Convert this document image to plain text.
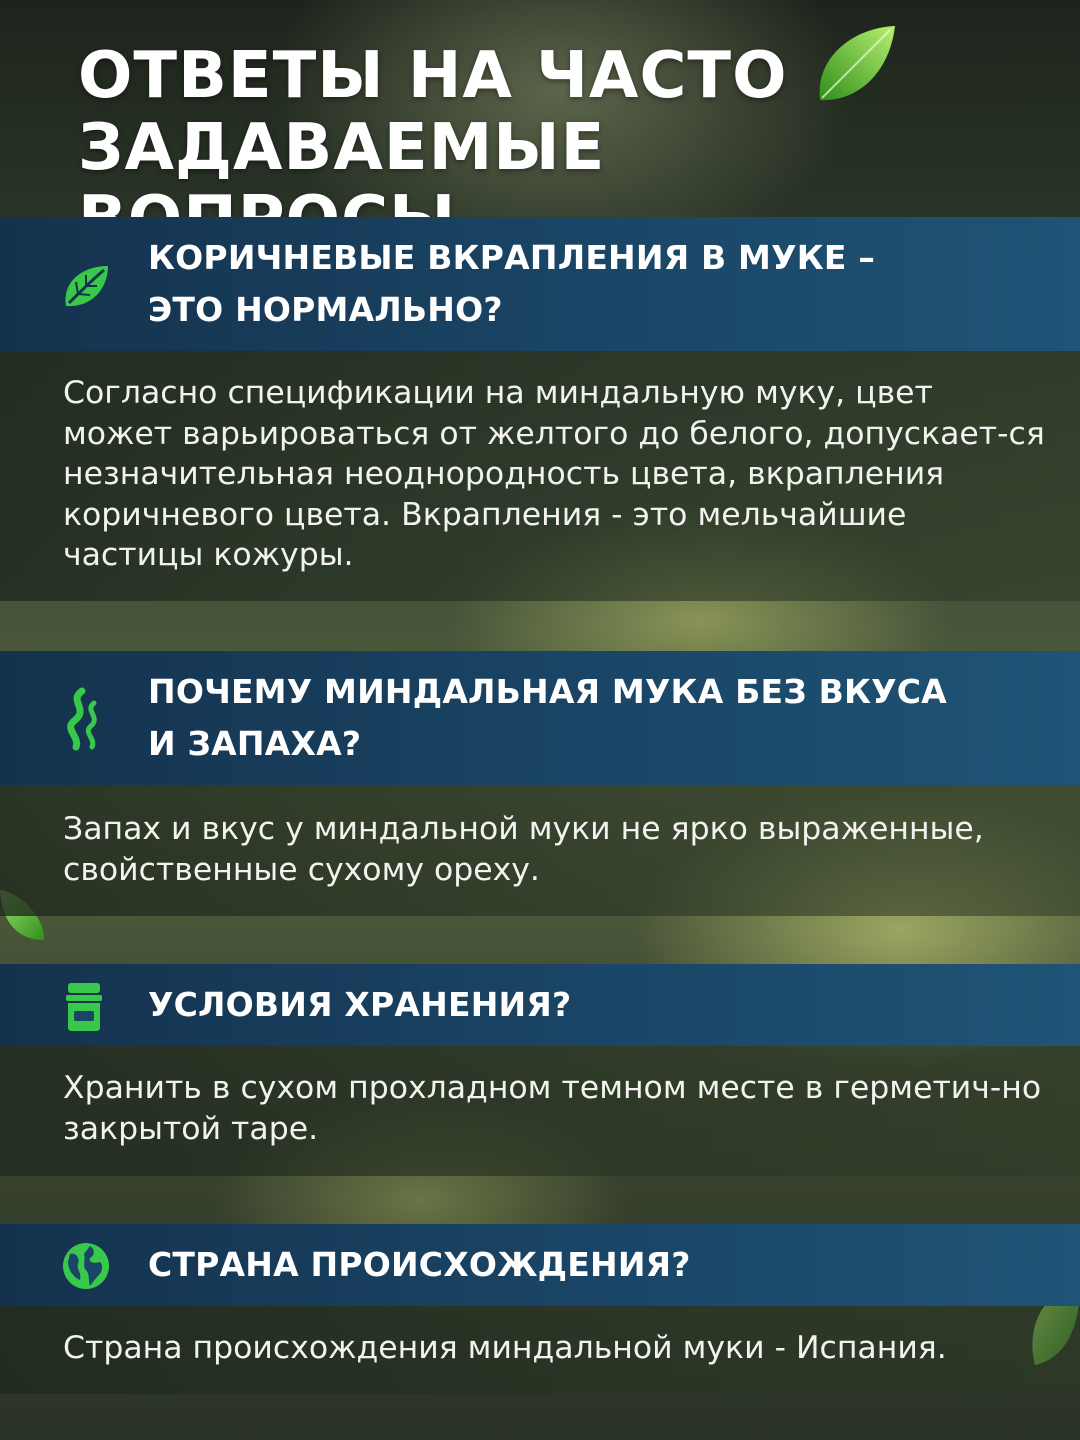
ОТВЕТЫ НА ЧАСТО
ЗАДАВАЕМЫЕ
КОРИЧНЕВЫЕ ВКРАПЛЕНИЯ В МУКЕ –
ЭТО НОРМАЛЬНО?
Согласно спецификации на миндальную муку, цвет может варьироваться от желтого до белого, допускает-ся незначительная неоднородность цвета, вкрапления коричневого цвета. Вкрапления - это мельчайшие частицы кожуры.
ПОЧЕМУ МИНДАЛЬНАЯ МУКА БЕЗ ВКУСА
И ЗАПАХА?
Запах и вкус у миндальной муки не ярко выраженные, свойственные сухому ореху.
УСЛОВИЯ ХРАНЕНИЯ?
Хранить в сухом прохладном темном месте в герметич-но закрытой таре.
СТРАНА ПРОИСХОЖДЕНИЯ?
Страна происхождения миндальной муки - Испания.
